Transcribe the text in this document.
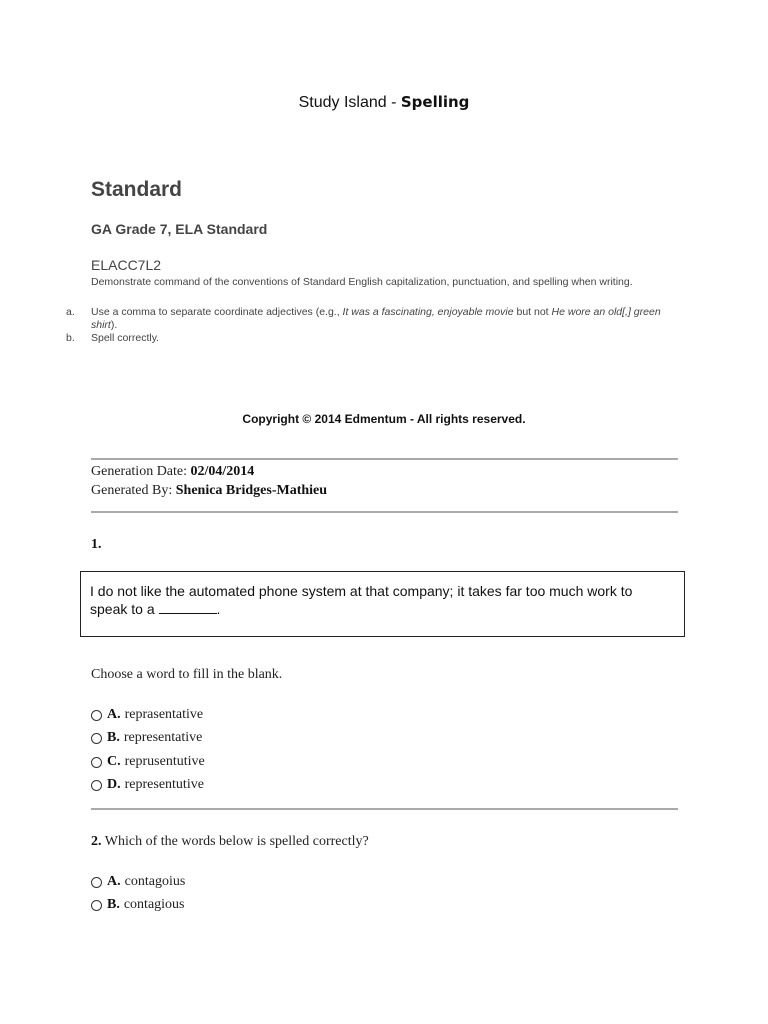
Study Island - Spelling
Standard
GA Grade 7, ELA Standard
ELACC7L2
Demonstrate command of the conventions of Standard English capitalization, punctuation, and spelling when writing.
a.	Use a comma to separate coordinate adjectives (e.g., It was a fascinating, enjoyable movie but not He wore an old[,] green shirt).
b.	Spell correctly.
Copyright © 2014 Edmentum - All rights reserved.
Generation Date: 02/04/2014
Generated By: Shenica Bridges-Mathieu
1.
I do not like the automated phone system at that company; it takes far too much work to
speak to a	.
Choose a word to fill in the blank.
A. reprasentative
B. representative
C. reprusentutive
D. representutive
2. Which of the words below is spelled correctly?
A. contagoius
B. contagious
